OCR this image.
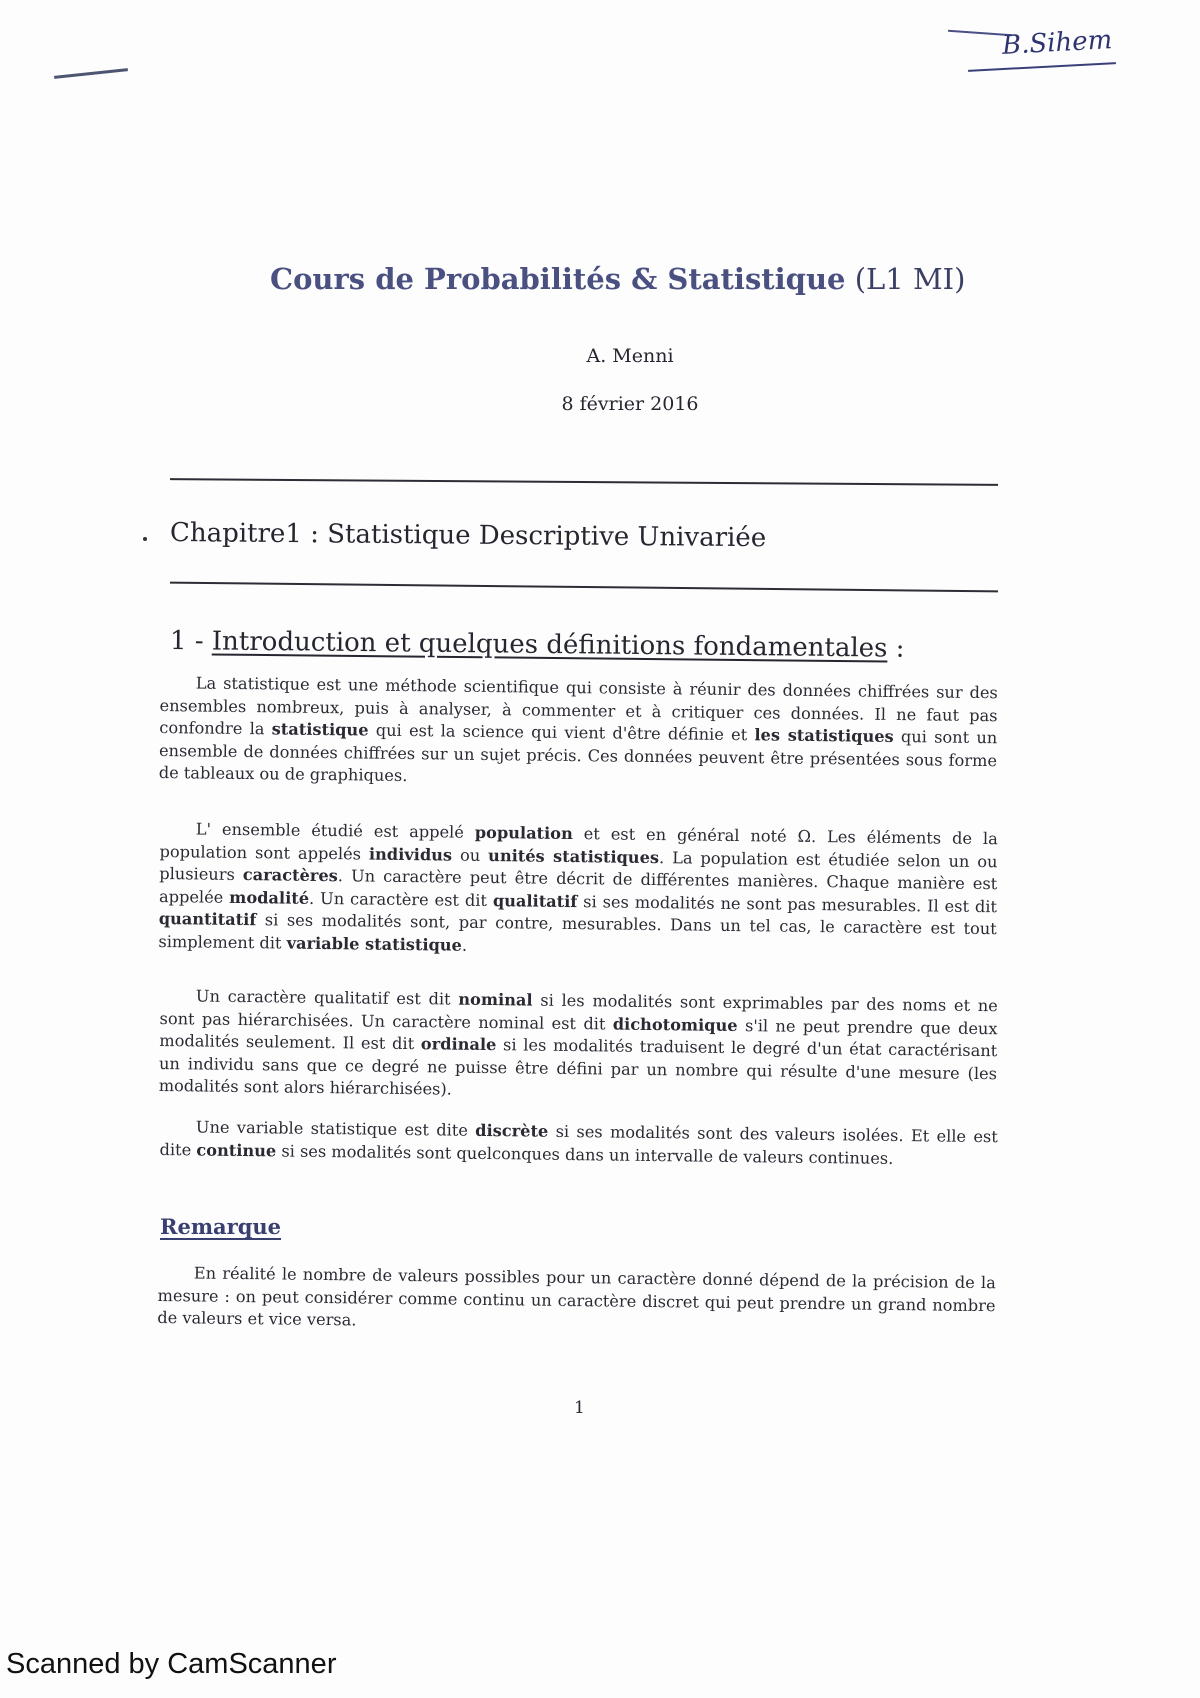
B.Sihem
Cours de Probabilités & Statistique (L1 MI)
A. Menni
8 février 2016
Chapitre1 : Statistique Descriptive Univariée
1 - Introduction et quelques définitions fondamentales :
La statistique est une méthode scientifique qui consiste à réunir des données chiffrées sur des ensembles nombreux, puis à analyser, à commenter et à critiquer ces données. Il ne faut pas confondre la statistique qui est la science qui vient d'être définie et les statistiques qui sont un ensemble de données chiffrées sur un sujet précis. Ces données peuvent être présentées sous forme de tableaux ou de graphiques.
L' ensemble étudié est appelé population et est en général noté Ω. Les éléments de la population sont appelés individus ou unités statistiques. La population est étudiée selon un ou plusieurs caractères. Un caractère peut être décrit de différentes manières. Chaque manière est appelée modalité. Un caractère est dit qualitatif si ses modalités ne sont pas mesurables. Il est dit quantitatif si ses modalités sont, par contre, mesurables. Dans un tel cas, le caractère est tout simplement dit variable statistique.
Un caractère qualitatif est dit nominal si les modalités sont exprimables par des noms et ne sont pas hiérarchisées. Un caractère nominal est dit dichotomique s'il ne peut prendre que deux modalités seulement. Il est dit ordinale si les modalités traduisent le degré d'un état caractérisant un individu sans que ce degré ne puisse être défini par un nombre qui résulte d'une mesure (les modalités sont alors hiérarchisées).
Une variable statistique est dite discrète si ses modalités sont des valeurs isolées. Et elle est dite continue si ses modalités sont quelconques dans un intervalle de valeurs continues.
Remarque
En réalité le nombre de valeurs possibles pour un caractère donné dépend de la précision de la mesure : on peut considérer comme continu un caractère discret qui peut prendre un grand nombre de valeurs et vice versa.
1
Scanned by CamScanner
